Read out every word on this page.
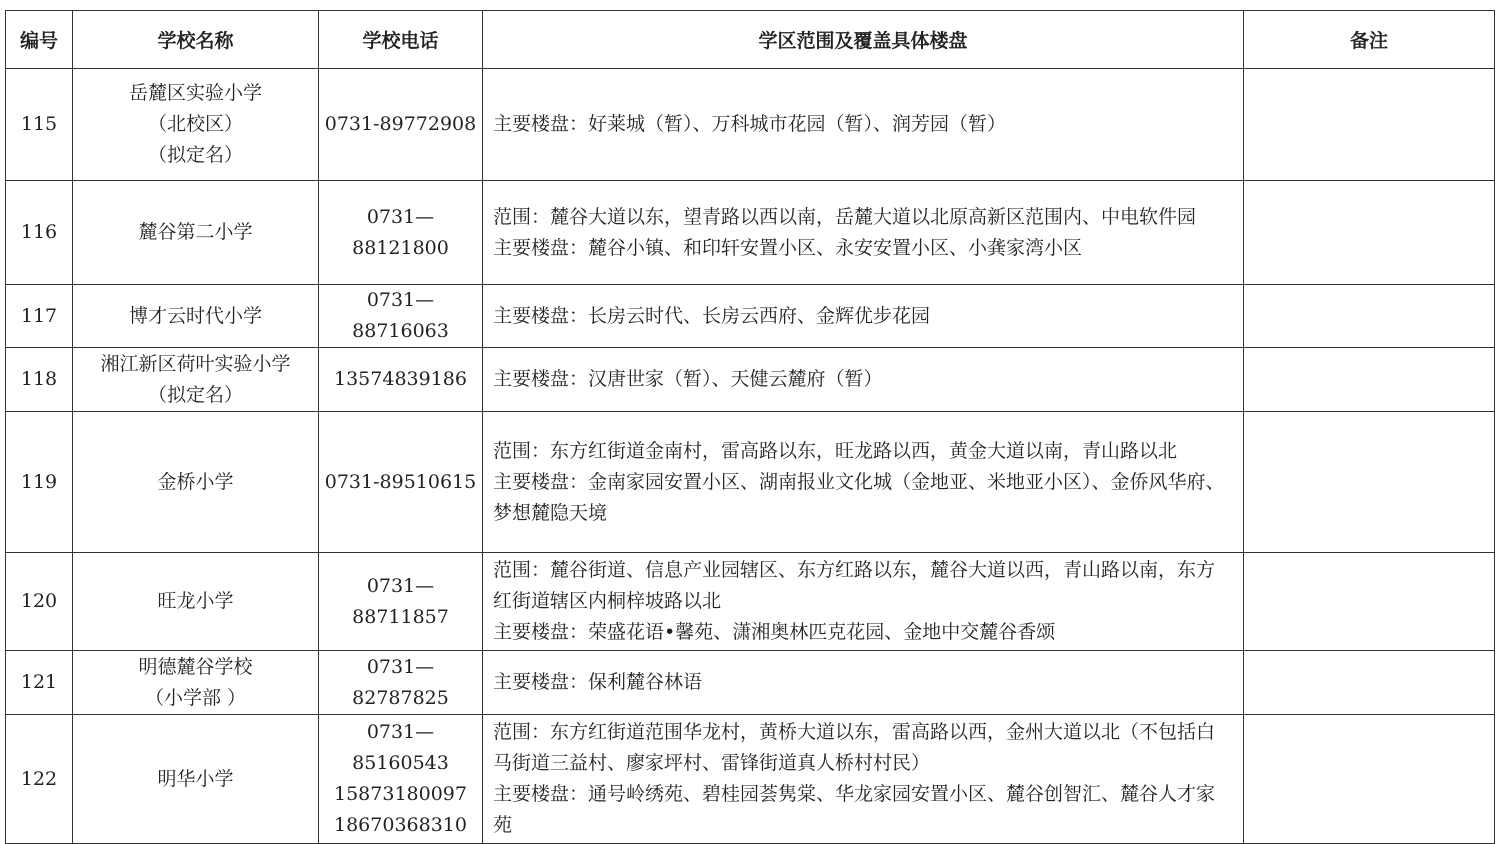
编号	学校名称	学校电话	学区范围及覆盖具体楼盘	备注
115	岳麓区实验小学
（北校区）
（拟定名）	0731-89772908	主要楼盘：好莱城（暂）、万科城市花园（暂）、润芳园（暂）	

116	麓谷第二小学	0731—88121800	范围：麓谷大道以东，望青路以西以南，岳麓大道以北原高新区范围内、中电软件园
主要楼盘：麓谷小镇、和印轩安置小区、永安安置小区、小龚家湾小区	

117	博才云时代小学	0731—88716063	主要楼盘：长房云时代、长房云西府、金辉优步花园	

118	湘江新区荷叶实验小学
（拟定名）	13574839186	主要楼盘：汉唐世家（暂）、天健云麓府（暂）	

119	金桥小学	0731-89510615	范围：东方红街道金南村，雷高路以东，旺龙路以西，黄金大道以南，青山路以北
主要楼盘：金南家园安置小区、湖南报业文化城（金地亚、米地亚小区）、金侨风华府、梦想麓隐天境	

120	旺龙小学	0731—88711857	范围：麓谷街道、信息产业园辖区、东方红路以东，麓谷大道以西，青山路以南，东方红街道辖区内桐梓坡路以北
主要楼盘：荣盛花语•馨苑、潇湘奥林匹克花园、金地中交麓谷香颂	

121	明德麓谷学校
（小学部 ）	0731—82787825	主要楼盘：保利麓谷林语	

122	明华小学	0731—85160543
15873180097
18670368310	范围：东方红街道范围华龙村，黄桥大道以东，雷高路以西，金州大道以北（不包括白马街道三益村、廖家坪村、雷锋街道真人桥村村民）
主要楼盘：通号岭绣苑、碧桂园荟隽棠、华龙家园安置小区、麓谷创智汇、麓谷人才家苑	
